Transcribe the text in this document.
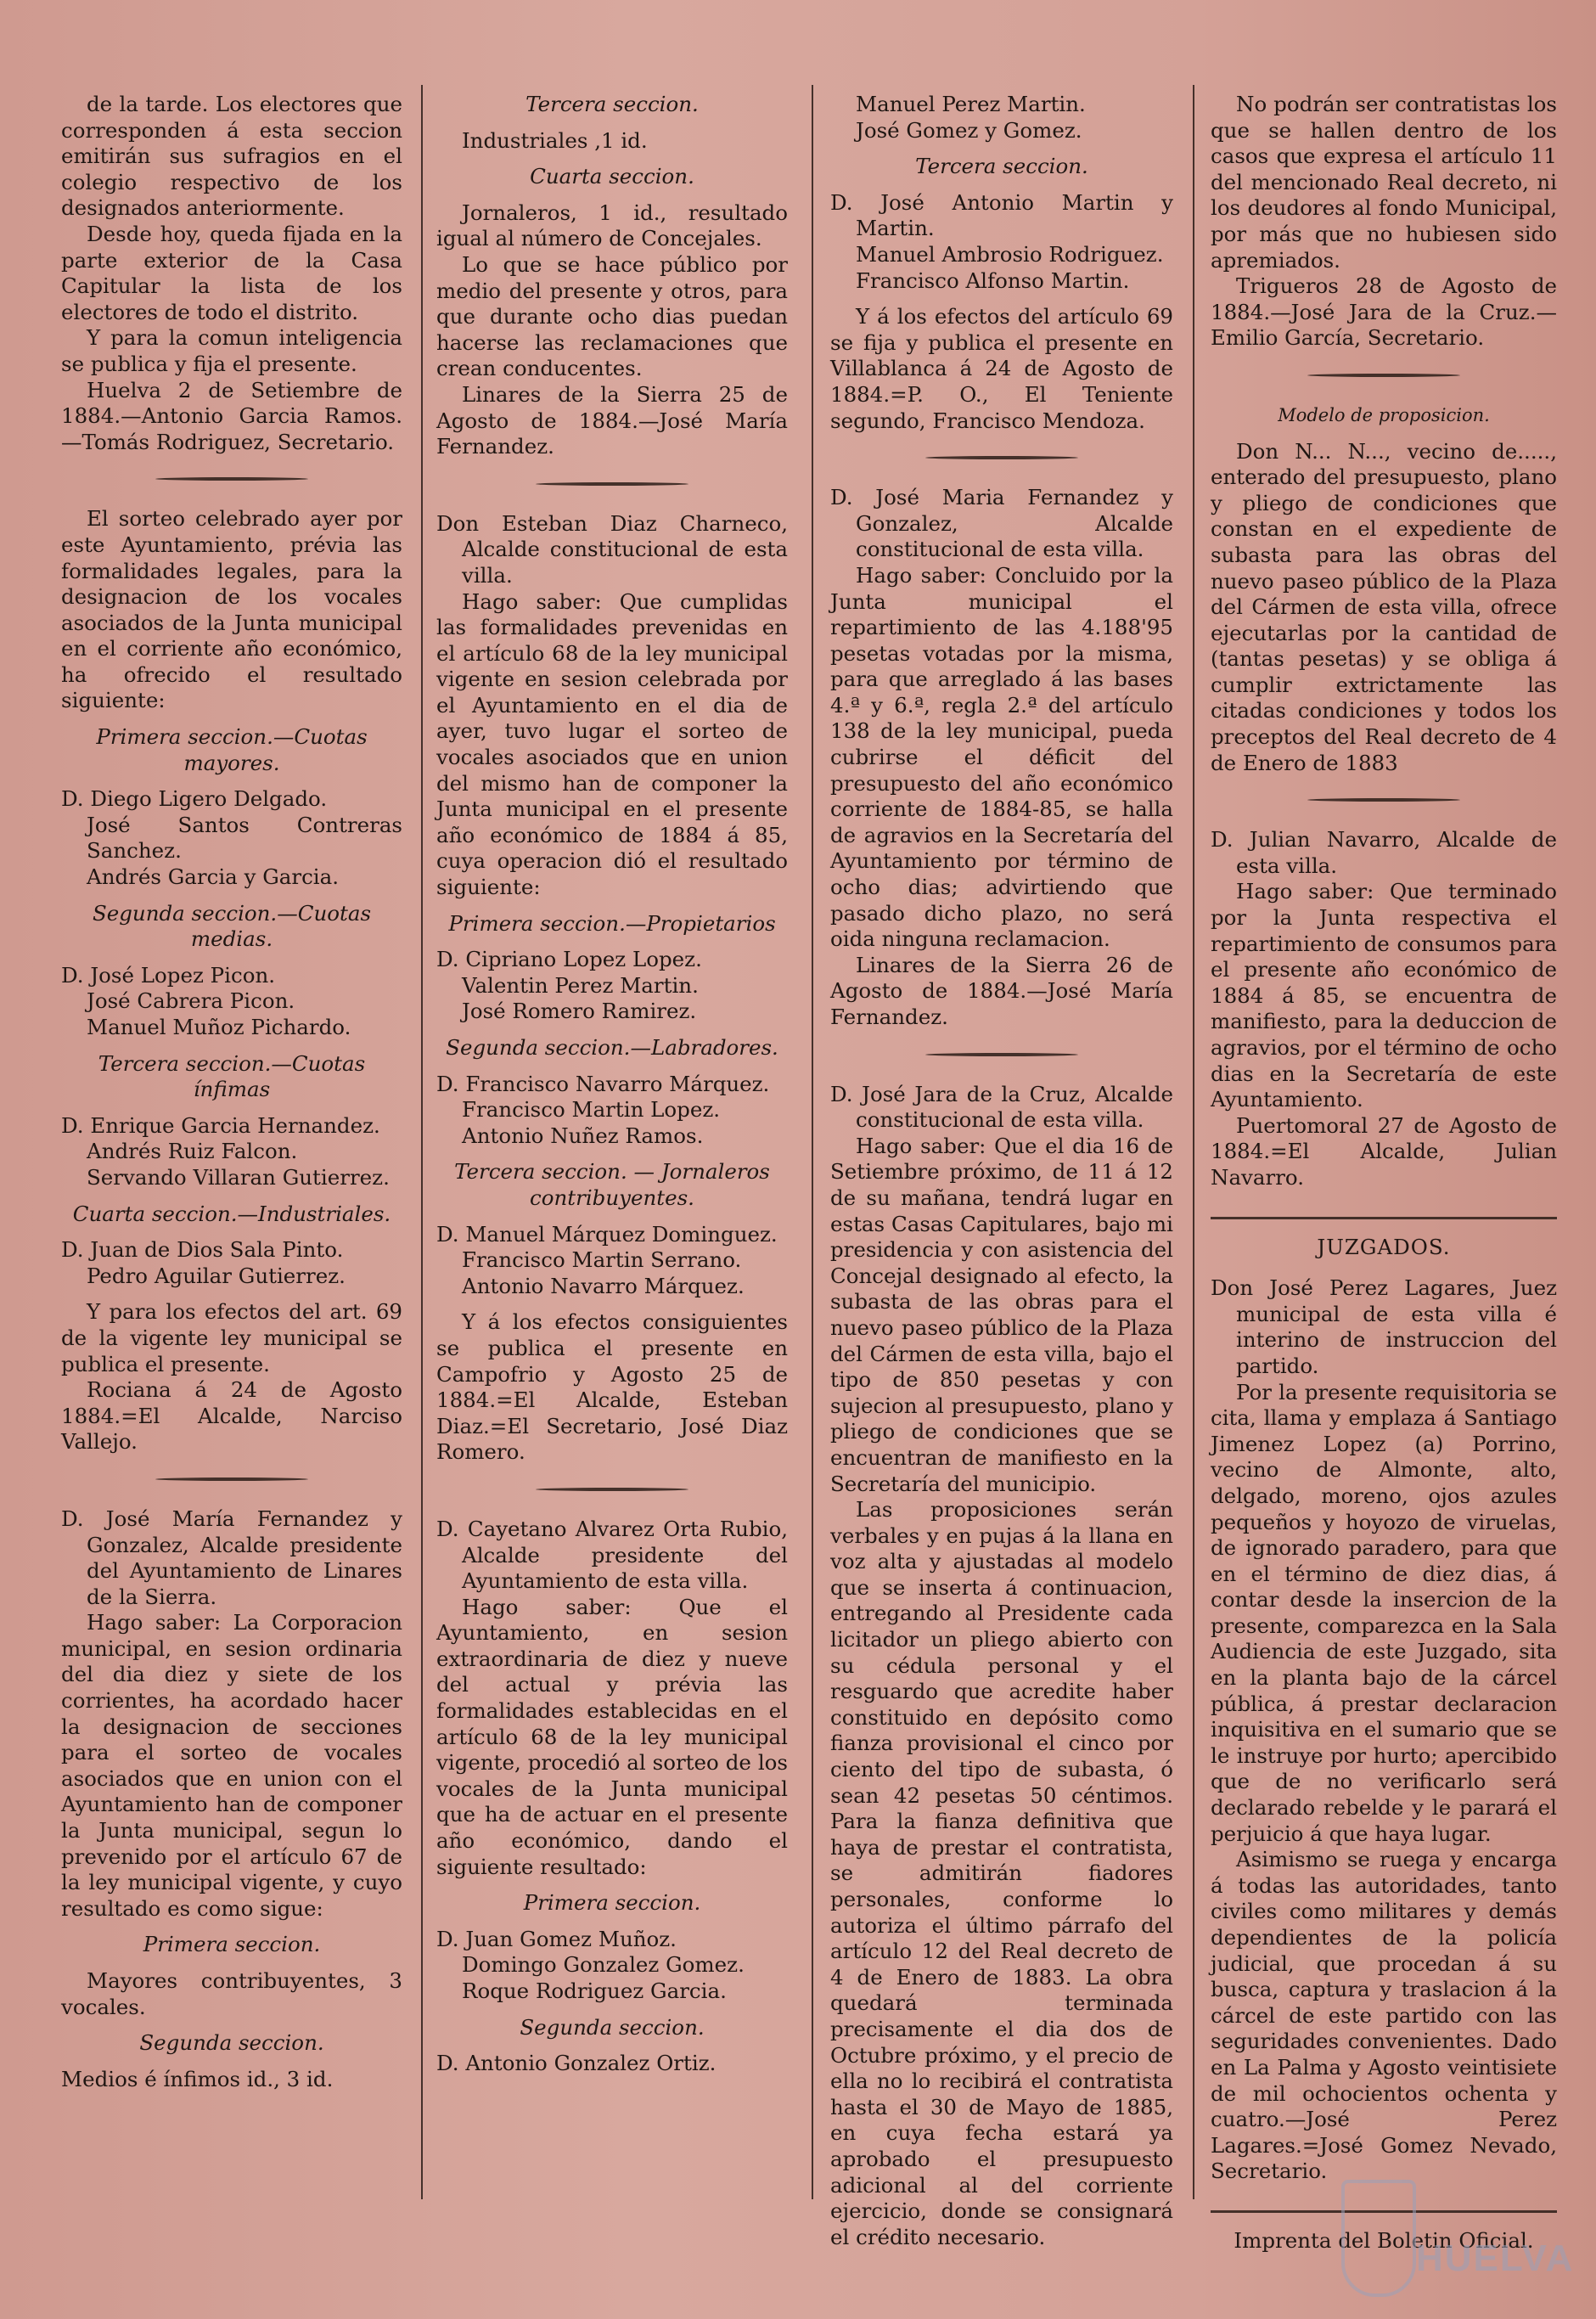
de la tarde. Los electores que corresponden á esta seccion emitirán sus sufragios en el colegio respectivo de los designados anteriormente.

Desde hoy, queda fijada en la parte exterior de la Casa Capitular la lista de los electores de todo el distrito.

Y para la comun inteligencia se publica y fija el presente.

Huelva 2 de Setiembre de 1884.—Antonio Garcia Ramos.—Tomás Rodriguez, Secretario.

El sorteo celebrado ayer por este Ayuntamiento, prévia las formalidades legales, para la designacion de los vocales asociados de la Junta municipal en el corriente año económico, ha ofrecido el resultado siguiente:

Primera seccion.—Cuotas mayores.

D. Diego Ligero Delgado.

José Santos Contreras Sanchez.

Andrés Garcia y Garcia.

Segunda seccion.—Cuotas medias.

D. José Lopez Picon.

José Cabrera Picon.

Manuel Muñoz Pichardo.

Tercera seccion.—Cuotas ínfimas

D. Enrique Garcia Hernandez.

Andrés Ruiz Falcon.

Servando Villaran Gutierrez.

Cuarta seccion.—Industriales.

D. Juan de Dios Sala Pinto.

Pedro Aguilar Gutierrez.

Y para los efectos del art. 69 de la vigente ley municipal se publica el presente.

Rociana á 24 de Agosto 1884.=El Alcalde, Narciso Vallejo.

D. José María Fernandez y Gonzalez, Alcalde presidente del Ayuntamiento de Linares de la Sierra.

Hago saber: La Corporacion municipal, en sesion ordinaria del dia diez y siete de los corrientes, ha acordado hacer la designacion de secciones para el sorteo de vocales asociados que en union con el Ayuntamiento han de componer la Junta municipal, segun lo prevenido por el artículo 67 de la ley municipal vigente, y cuyo resultado es como sigue:

Primera seccion.

Mayores contribuyentes, 3 vocales.

Segunda seccion.

Medios é ínfimos id., 3 id.

Tercera seccion.

Industriales ,1 id.

Cuarta seccion.

Jornaleros, 1 id., resultado igual al número de Concejales.

Lo que se hace público por medio del presente y otros, para que durante ocho dias puedan hacerse las reclamaciones que crean conducentes.

Linares de la Sierra 25 de Agosto de 1884.—José María Fernandez.

Don Esteban Diaz Charneco, Alcalde constitucional de esta villa.

Hago saber: Que cumplidas las formalidades prevenidas en el artículo 68 de la ley municipal vigente en sesion celebrada por el Ayuntamiento en el dia de ayer, tuvo lugar el sorteo de vocales asociados que en union del mismo han de componer la Junta municipal en el presente año económico de 1884 á 85, cuya operacion dió el resultado siguiente:

Primera seccion.—Propietarios

D. Cipriano Lopez Lopez.

Valentin Perez Martin.

José Romero Ramirez.

Segunda seccion.—Labradores.

D. Francisco Navarro Márquez.

Francisco Martin Lopez.

Antonio Nuñez Ramos.

Tercera seccion. — Jornaleros contribuyentes.

D. Manuel Márquez Dominguez.

Francisco Martin Serrano.

Antonio Navarro Márquez.

Y á los efectos consiguientes se publica el presente en Campofrio y Agosto 25 de 1884.=El Alcalde, Esteban Diaz.=El Secretario, José Diaz Romero.

D. Cayetano Alvarez Orta Rubio, Alcalde presidente del Ayuntamiento de esta villa.

Hago saber: Que el Ayuntamiento, en sesion extraordinaria de diez y nueve del actual y prévia las formalidades establecidas en el artículo 68 de la ley municipal vigente, procedió al sorteo de los vocales de la Junta municipal que ha de actuar en el presente año económico, dando el siguiente resultado:

Primera seccion.

D. Juan Gomez Muñoz.

Domingo Gonzalez Gomez.

Roque Rodriguez Garcia.

Segunda seccion.

D. Antonio Gonzalez Ortiz.

Manuel Perez Martin.

José Gomez y Gomez.

Tercera seccion.

D. José Antonio Martin y Martin.

Manuel Ambrosio Rodriguez.

Francisco Alfonso Martin.

Y á los efectos del artículo 69 se fija y publica el presente en Villablanca á 24 de Agosto de 1884.=P. O., El Teniente segundo, Francisco Mendoza.

D. José Maria Fernandez y Gonzalez, Alcalde constitucional de esta villa.

Hago saber: Concluido por la Junta municipal el repartimiento de las 4.188'95 pesetas votadas por la misma, para que arreglado á las bases 4.ª y 6.ª, regla 2.ª del artículo 138 de la ley municipal, pueda cubrirse el déficit del presupuesto del año económico corriente de 1884-85, se halla de agravios en la Secretaría del Ayuntamiento por término de ocho dias; advirtiendo que pasado dicho plazo, no será oida ninguna reclamacion.

Linares de la Sierra 26 de Agosto de 1884.—José María Fernandez.

D. José Jara de la Cruz, Alcalde constitucional de esta villa.

Hago saber: Que el dia 16 de Setiembre próximo, de 11 á 12 de su mañana, tendrá lugar en estas Casas Capitulares, bajo mi presidencia y con asistencia del Concejal designado al efecto, la subasta de las obras para el nuevo paseo público de la Plaza del Cármen de esta villa, bajo el tipo de 850 pesetas y con sujecion al presupuesto, plano y pliego de condiciones que se encuentran de manifiesto en la Secretaría del municipio.

Las proposiciones serán verbales y en pujas á la llana en voz alta y ajustadas al modelo que se inserta á continuacion, entregando al Presidente cada licitador un pliego abierto con su cédula personal y el resguardo que acredite haber constituido en depósito como fianza provisional el cinco por ciento del tipo de subasta, ó sean 42 pesetas 50 céntimos. Para la fianza definitiva que haya de prestar el contratista, se admitirán fiadores personales, conforme lo autoriza el último párrafo del artículo 12 del Real decreto de 4 de Enero de 1883. La obra quedará terminada precisamente el dia dos de Octubre próximo, y el precio de ella no lo recibirá el contratista hasta el 30 de Mayo de 1885, en cuya fecha estará ya aprobado el presupuesto adicional al del corriente ejercicio, donde se consignará el crédito necesario.

No podrán ser contratistas los que se hallen dentro de los casos que expresa el artículo 11 del mencionado Real decreto, ni los deudores al fondo Municipal, por más que no hubiesen sido apremiados.

Trigueros 28 de Agosto de 1884.—José Jara de la Cruz.—Emilio García, Secretario.

Modelo de proposicion.

Don N... N..., vecino de....., enterado del presupuesto, plano y pliego de condiciones que constan en el expediente de subasta para las obras del nuevo paseo público de la Plaza del Cármen de esta villa, ofrece ejecutarlas por la cantidad de (tantas pesetas) y se obliga á cumplir extrictamente las citadas condiciones y todos los preceptos del Real decreto de 4 de Enero de 1883

D. Julian Navarro, Alcalde de esta villa.

Hago saber: Que terminado por la Junta respectiva el repartimiento de consumos para el presente año económico de 1884 á 85, se encuentra de manifiesto, para la deduccion de agravios, por el término de ocho dias en la Secretaría de este Ayuntamiento.

Puertomoral 27 de Agosto de 1884.=El Alcalde, Julian Navarro.

JUZGADOS.

Don José Perez Lagares, Juez municipal de esta villa é interino de instruccion del partido.

Por la presente requisitoria se cita, llama y emplaza á Santiago Jimenez Lopez (a) Porrino, vecino de Almonte, alto, delgado, moreno, ojos azules pequeños y hoyozo de viruelas, de ignorado paradero, para que en el término de diez dias, á contar desde la insercion de la presente, comparezca en la Sala Audiencia de este Juzgado, sita en la planta bajo de la cárcel pública, á prestar declaracion inquisitiva en el sumario que se le instruye por hurto; apercibido que de no verificarlo será declarado rebelde y le parará el perjuicio á que haya lugar.

Asimismo se ruega y encarga á todas las autoridades, tanto civiles como militares y demás dependientes de la policía judicial, que procedan á su busca, captura y traslacion á la cárcel de este partido con las seguridades convenientes. Dado en La Palma y Agosto veintisiete de mil ochocientos ochenta y cuatro.—José Perez Lagares.=José Gomez Nevado, Secretario.

Imprenta del Boletin Oficial.

HUELVA
